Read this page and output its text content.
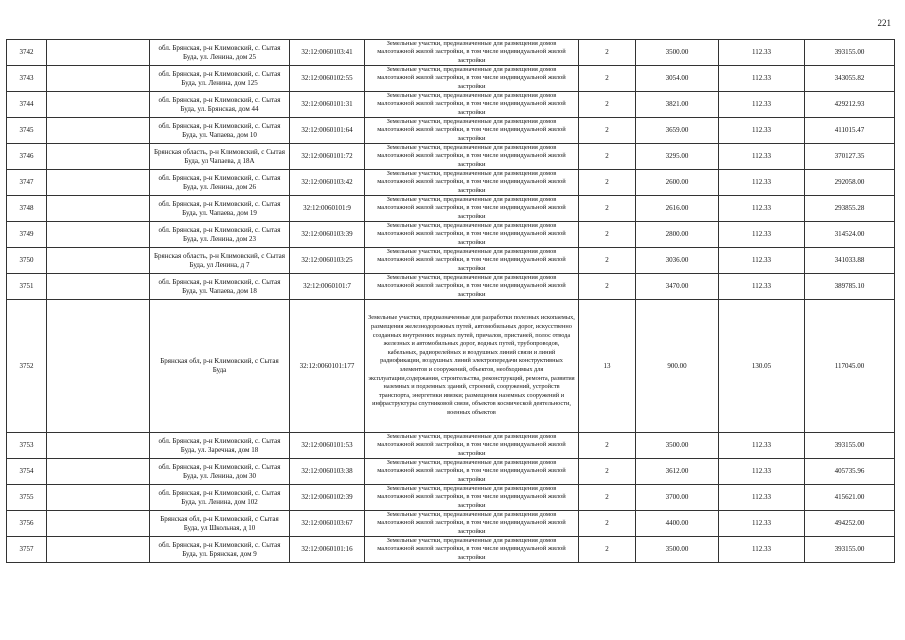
221
3742		обл. Брянская, р-н Климовский, с. Сытая Буда, ул. Ленина, дом 25	32:12:0060103:41	Земельные участки, предназначенные для размещения домов малоэтажной жилой застройки, в том числе индивидуальной жилой застройки	2	3500.00	112.33	393155.00
3743		обл. Брянская, р-н Климовский, с. Сытая Буда, ул. Ленина, дом 125	32:12:0060102:55	Земельные участки, предназначенные для размещения домов малоэтажной жилой застройки, в том числе индивидуальной жилой застройки	2	3054.00	112.33	343055.82
3744		обл. Брянская, р-н Климовский, с. Сытая Буда, ул. Брянская, дом 44	32:12:0060101:31	Земельные участки, предназначенные для размещения домов малоэтажной жилой застройки, в том числе индивидуальной жилой застройки	2	3821.00	112.33	429212.93
3745		обл. Брянская, р-н Климовский, с. Сытая Буда, ул. Чапаева, дом 10	32:12:0060101:64	Земельные участки, предназначенные для размещения домов малоэтажной жилой застройки, в том числе индивидуальной жилой застройки	2	3659.00	112.33	411015.47
3746		Брянская область, р-н Климовский, с Сытая Буда, ул Чапаева, д 18А	32:12:0060101:72	Земельные участки, предназначенные для размещения домов малоэтажной жилой застройки, в том числе индивидуальной жилой застройки	2	3295.00	112.33	370127.35
3747		обл. Брянская, р-н Климовский, с. Сытая Буда, ул. Ленина, дом 26	32:12:0060103:42	Земельные участки, предназначенные для размещения домов малоэтажной жилой застройки, в том числе индивидуальной жилой застройки	2	2600.00	112.33	292058.00
3748		обл. Брянская, р-н Климовский, с. Сытая Буда, ул. Чапаева, дом 19	32:12:0060101:9	Земельные участки, предназначенные для размещения домов малоэтажной жилой застройки, в том числе индивидуальной жилой застройки	2	2616.00	112.33	293855.28
3749		обл. Брянская, р-н Климовский, с. Сытая Буда, ул. Ленина, дом 23	32:12:0060103:39	Земельные участки, предназначенные для размещения домов малоэтажной жилой застройки, в том числе индивидуальной жилой застройки	2	2800.00	112.33	314524.00
3750		Брянская область, р-н Климовский, с Сытая Буда, ул Ленина, д 7	32:12:0060103:25	Земельные участки, предназначенные для размещения домов малоэтажной жилой застройки, в том числе индивидуальной жилой застройки	2	3036.00	112.33	341033.88
3751		обл. Брянская, р-н Климовский, с. Сытая Буда, ул. Чапаева, дом 18	32:12:0060101:7	Земельные участки, предназначенные для размещения домов малоэтажной жилой застройки, в том числе индивидуальной жилой застройки	2	3470.00	112.33	389785.10
3752		Брянская обл, р-н Климовский, с Сытая Буда	32:12:0060101:177	Земельные участки, предназначенные для разработки полезных ископаемых, размещения железнодорожных путей, автомобильных дорог, искусственно созданных внутренних водных путей, причалов, пристаней, полос отвода железных и автомобильных дорог, водных путей, трубопроводов, кабельных, радиорелейных и воздушных линий связи и линий радиофикации, воздушных линий электропередачи конструктивных элементов и сооружений, объектов, необходимых для эксплуатации,содержания, строительства, реконструкций, ремонта, развития наземных и подземных зданий, строений, сооружений, устройств транспорта, энергетики ивязки; размещения наземных сооружений и инфраструктуры спутниковой связи, объектов космической деятельности, военных объектов	13	900.00	130.05	117045.00
3753		обл. Брянская, р-н Климовский, с. Сытая Буда, ул. Заречная, дом 18	32:12:0060101:53	Земельные участки, предназначенные для размещения домов малоэтажной жилой застройки, в том числе индивидуальной жилой застройки	2	3500.00	112.33	393155.00
3754		обл. Брянская, р-н Климовский, с. Сытая Буда, ул. Ленина, дом 30	32:12:0060103:38	Земельные участки, предназначенные для размещения домов малоэтажной жилой застройки, в том числе индивидуальной жилой застройки	2	3612.00	112.33	405735.96
3755		обл. Брянская, р-н Климовский, с. Сытая Буда, ул. Ленина, дом 102	32:12:0060102:39	Земельные участки, предназначенные для размещения домов малоэтажной жилой застройки, в том числе индивидуальной жилой застройки	2	3700.00	112.33	415621.00
3756		Брянская обл, р-н Климовский, с Сытая Буда, ул Школьная, д 10	32:12:0060103:67	Земельные участки, предназначенные для размещения домов малоэтажной жилой застройки, в том числе индивидуальной жилой застройки	2	4400.00	112.33	494252.00
3757		обл. Брянская, р-н Климовский, с. Сытая Буда, ул. Брянская, дом 9	32:12:0060101:16	Земельные участки, предназначенные для размещения домов малоэтажной жилой застройки, в том числе индивидуальной жилой застройки	2	3500.00	112.33	393155.00
